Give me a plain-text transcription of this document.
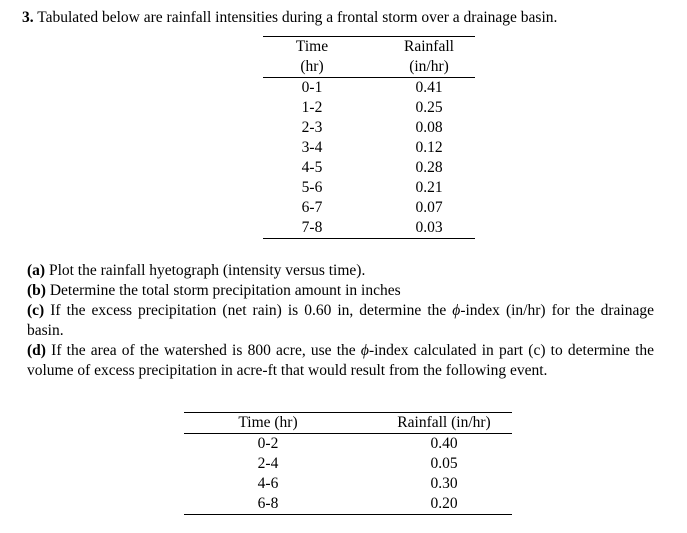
3. Tabulated below are rainfall intensities during a frontal storm over a drainage basin.
Time	Rainfall
(hr)	(in/hr)
0-1	0.41
1-2	0.25
2-3	0.08
3-4	0.12
4-5	0.28
5-6	0.21
6-7	0.07
7-8	0.03

(a) Plot the rainfall hyetograph (intensity versus time).

(b) Determine the total storm precipitation amount in inches

(c) If the excess precipitation (net rain) is 0.60 in, determine the ϕ-index (in/hr) for the drainage basin.

(d) If the area of the watershed is 800 acre, use the ϕ-index calculated in part (c) to determine the volume of excess precipitation in acre-ft that would result from the following event.

Time (hr)	Rainfall (in/hr)
0-2	0.40
2-4	0.05
4-6	0.30
6-8	0.20
